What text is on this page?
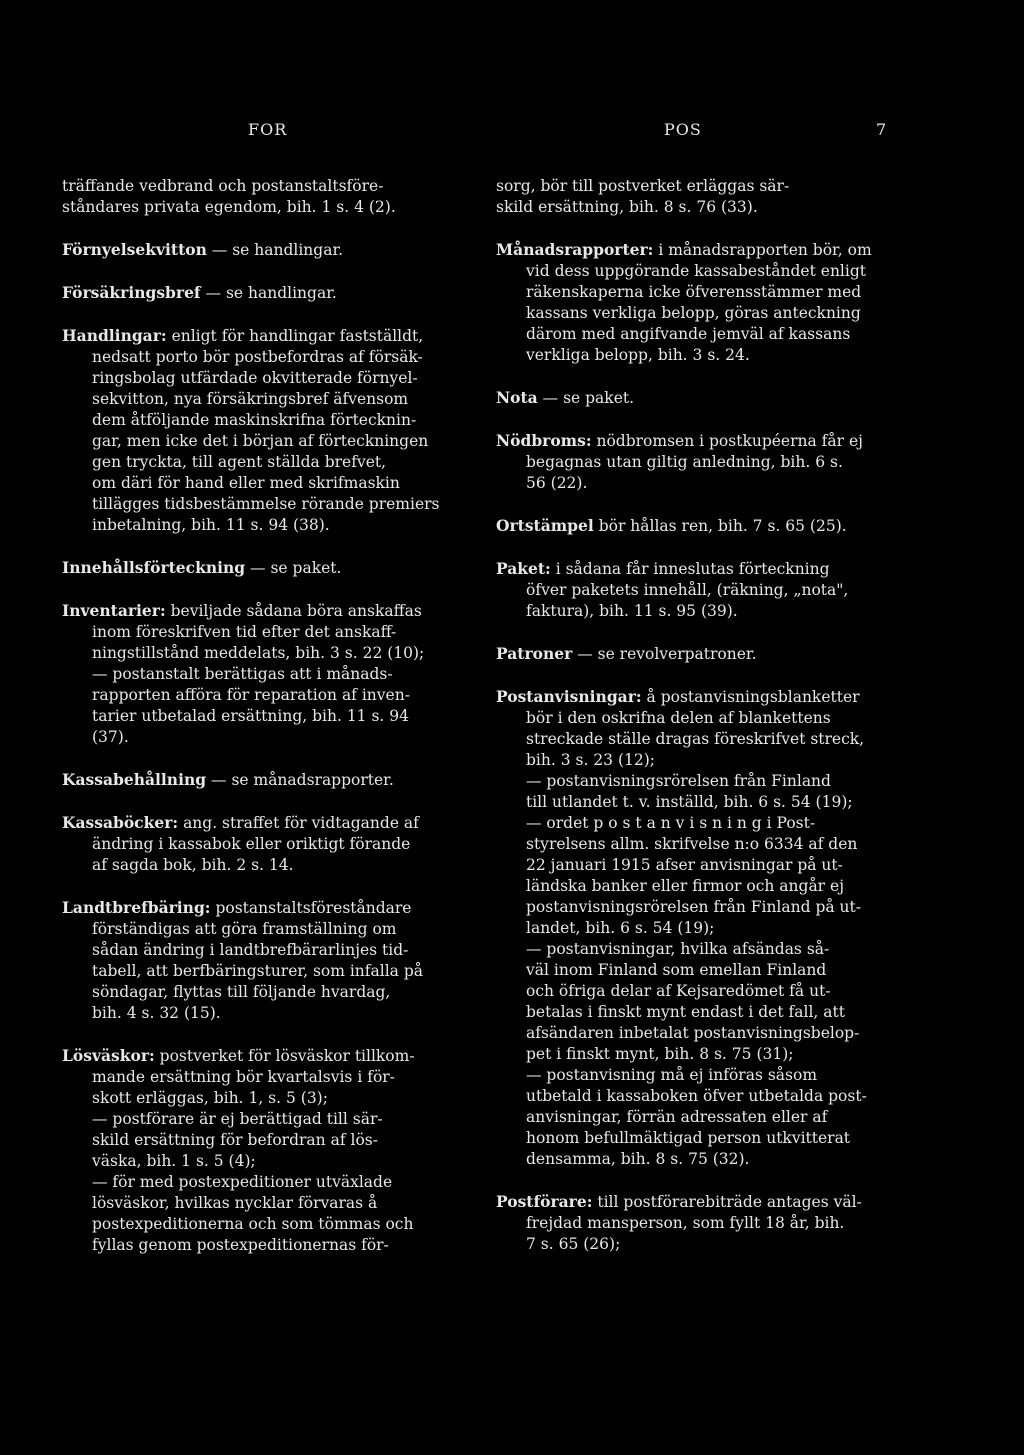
FOR	POS	7
träffande vedbrand och postanstaltsföre-
ståndares privata egendom, bih. 1 s. 4 (2).
Förnyelsekvitton — se handlingar.
Försäkringsbref — se handlingar.
Handlingar: enligt för handlingar fastställdt,
nedsatt porto bör postbefordras af försäk-
ringsbolag utfärdade okvitterade förnyel-
sekvitton, nya försäkringsbref äfvensom
dem åtföljande maskinskrifna förtecknin-
gar, men icke det i början af förteckningen
gen tryckta, till agent ställda brefvet,
om däri för hand eller med skrifmaskin
tillägges tidsbestämmelse rörande premiers
inbetalning, bih. 11 s. 94 (38).
Innehållsförteckning — se paket.
Inventarier: beviljade sådana böra anskaffas
inom föreskrifven tid efter det anskaff-
ningstillstånd meddelats, bih. 3 s. 22 (10);
— postanstalt berättigas att i månads-
rapporten afföra för reparation af inven-
tarier utbetalad ersättning, bih. 11 s. 94
(37).
Kassabehållning — se månadsrapporter.
Kassaböcker: ang. straffet för vidtagande af
ändring i kassabok eller oriktigt förande
af sagda bok, bih. 2 s. 14.
Landtbrefbäring: postanstaltsföreståndare
förständigas att göra framställning om
sådan ändring i landtbrefbärarlinjes tid-
tabell, att berfbäringsturer, som infalla på
söndagar, flyttas till följande hvardag,
bih. 4 s. 32 (15).
Lösväskor: postverket för lösväskor tillkom-
mande ersättning bör kvartalsvis i för-
skott erläggas, bih. 1, s. 5 (3);
— postförare är ej berättigad till sär-
skild ersättning för befordran af lös-
väska, bih. 1 s. 5 (4);
— för med postexpeditioner utväxlade
lösväskor, hvilkas nycklar förvaras å
postexpeditionerna och som tömmas och
fyllas genom postexpeditionernas för-
sorg, bör till postverket erläggas sär-
skild ersättning, bih. 8 s. 76 (33).
Månadsrapporter: i månadsrapporten bör, om
vid dess uppgörande kassabeståndet enligt
räkenskaperna icke öfverensstämmer med
kassans verkliga belopp, göras anteckning
därom med angifvande jemväl af kassans
verkliga belopp, bih. 3 s. 24.
Nota — se paket.
Nödbroms: nödbromsen i postkupéerna får ej
begagnas utan giltig anledning, bih. 6 s.
56 (22).
Ortstämpel bör hållas ren, bih. 7 s. 65 (25).
Paket: i sådana får inneslutas förteckning
öfver paketets innehåll, (räkning, „nota",
faktura), bih. 11 s. 95 (39).
Patroner — se revolverpatroner.
Postanvisningar: å postanvisningsblanketter
bör i den oskrifna delen af blankettens
streckade ställe dragas föreskrifvet streck,
bih. 3 s. 23 (12);
— postanvisningsrörelsen från Finland
till utlandet t. v. inställd, bih. 6 s. 54 (19);
— ordet p o s t a n v i s n i n g i Post-
styrelsens allm. skrifvelse n:o 6334 af den
22 januari 1915 afser anvisningar på ut-
ländska banker eller firmor och angår ej
postanvisningsrörelsen från Finland på ut-
landet, bih. 6 s. 54 (19);
— postanvisningar, hvilka afsändas så-
väl inom Finland som emellan Finland
och öfriga delar af Kejsaredömet få ut-
betalas i finskt mynt endast i det fall, att
afsändaren inbetalat postanvisningsbelop-
pet i finskt mynt, bih. 8 s. 75 (31);
— postanvisning må ej införas såsom
utbetald i kassaboken öfver utbetalda post-
anvisningar, förrän adressaten eller af
honom befullmäktigad person utkvitterat
densamma, bih. 8 s. 75 (32).
Postförare: till postförarebiträde antages väl-
frejdad mansperson, som fyllt 18 år, bih.
7 s. 65 (26);
